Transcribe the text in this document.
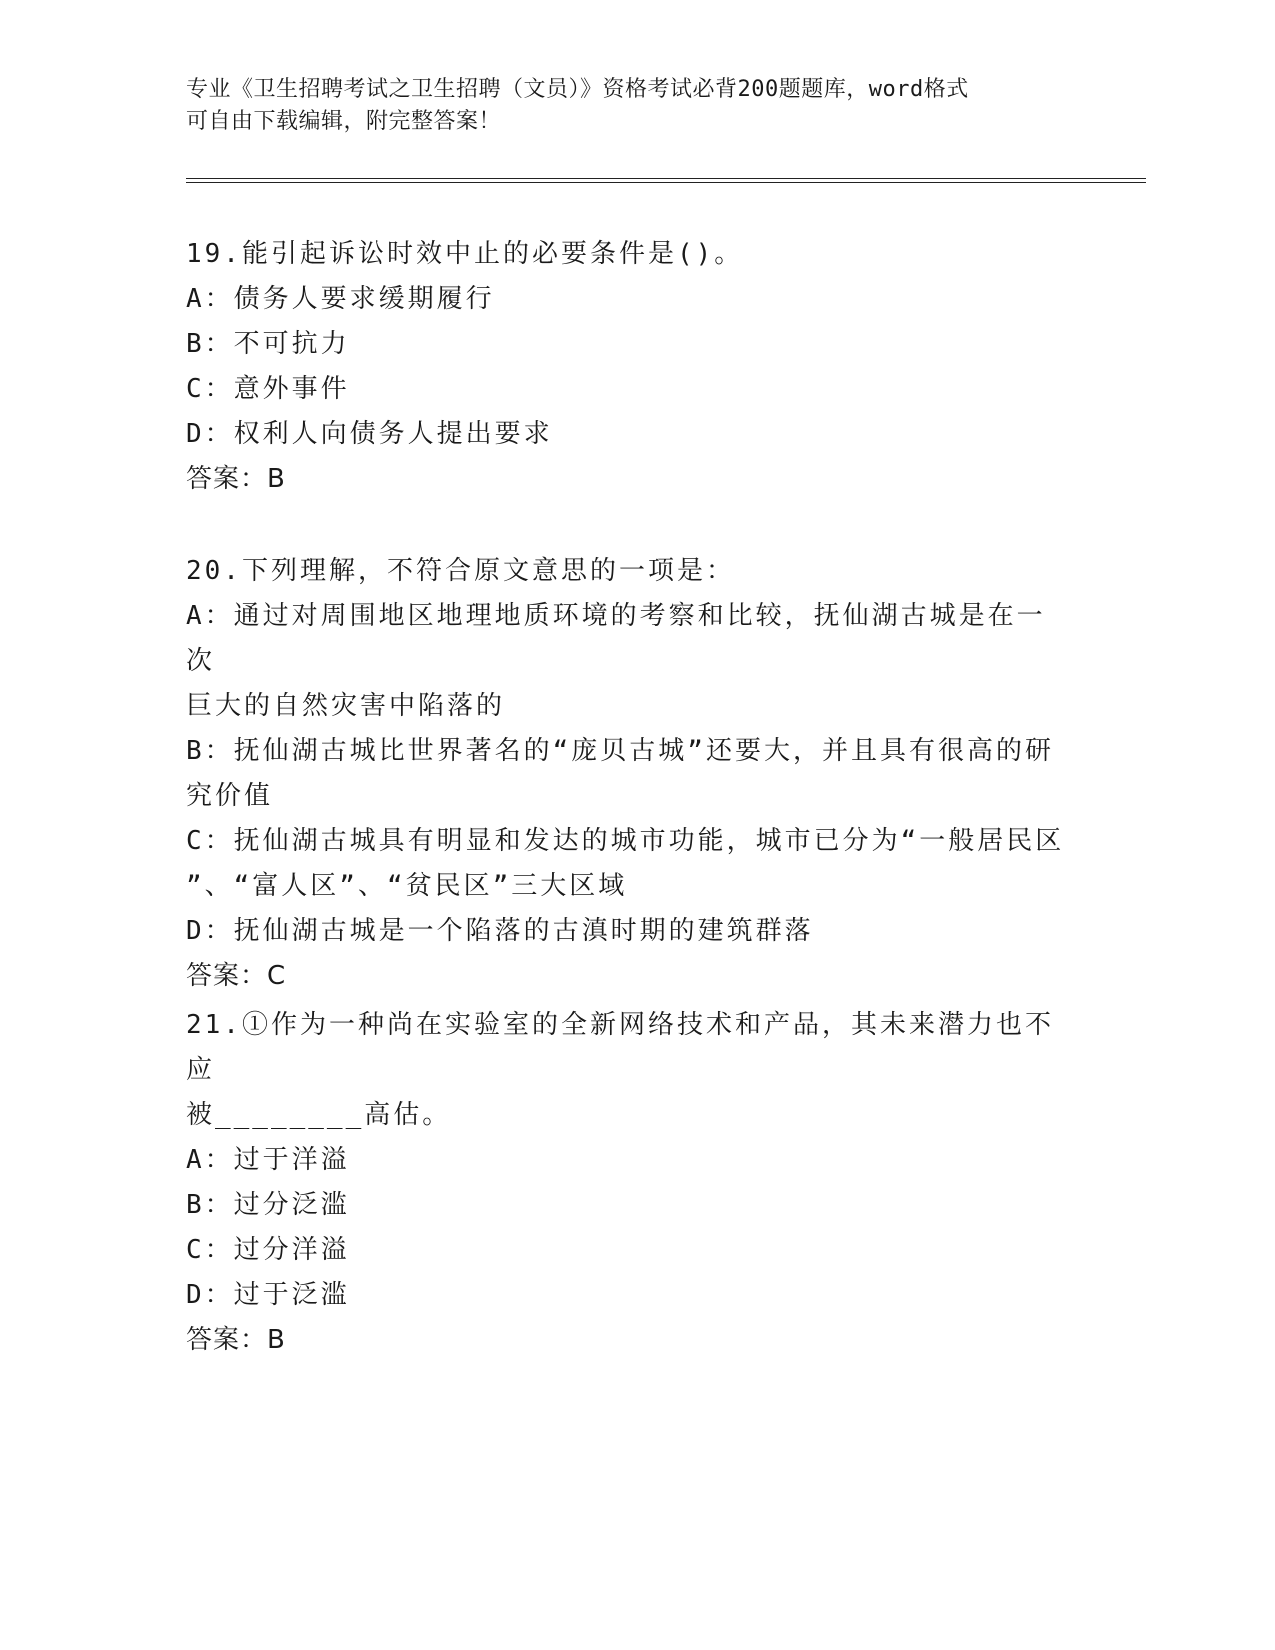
专业《卫生招聘考试之卫生招聘（文员）》资格考试必背200题题库，word格式
可自由下载编辑，附完整答案！
19.能引起诉讼时效中止的必要条件是()。
A：债务人要求缓期履行
B：不可抗力
C：意外事件
D：权利人向债务人提出要求
答案：B
20.下列理解，不符合原文意思的一项是：
A：通过对周围地区地理地质环境的考察和比较，抚仙湖古城是在一次
巨大的自然灾害中陷落的
B：抚仙湖古城比世界著名的“庞贝古城”还要大，并且具有很高的研
究价值
C：抚仙湖古城具有明显和发达的城市功能，城市已分为“一般居民区
”、“富人区”、“贫民区”三大区域
D：抚仙湖古城是一个陷落的古滇时期的建筑群落
答案：C
21.①作为一种尚在实验室的全新网络技术和产品，其未来潜力也不应
被________高估。
A：过于洋溢
B：过分泛滥
C：过分洋溢
D：过于泛滥
答案：B
